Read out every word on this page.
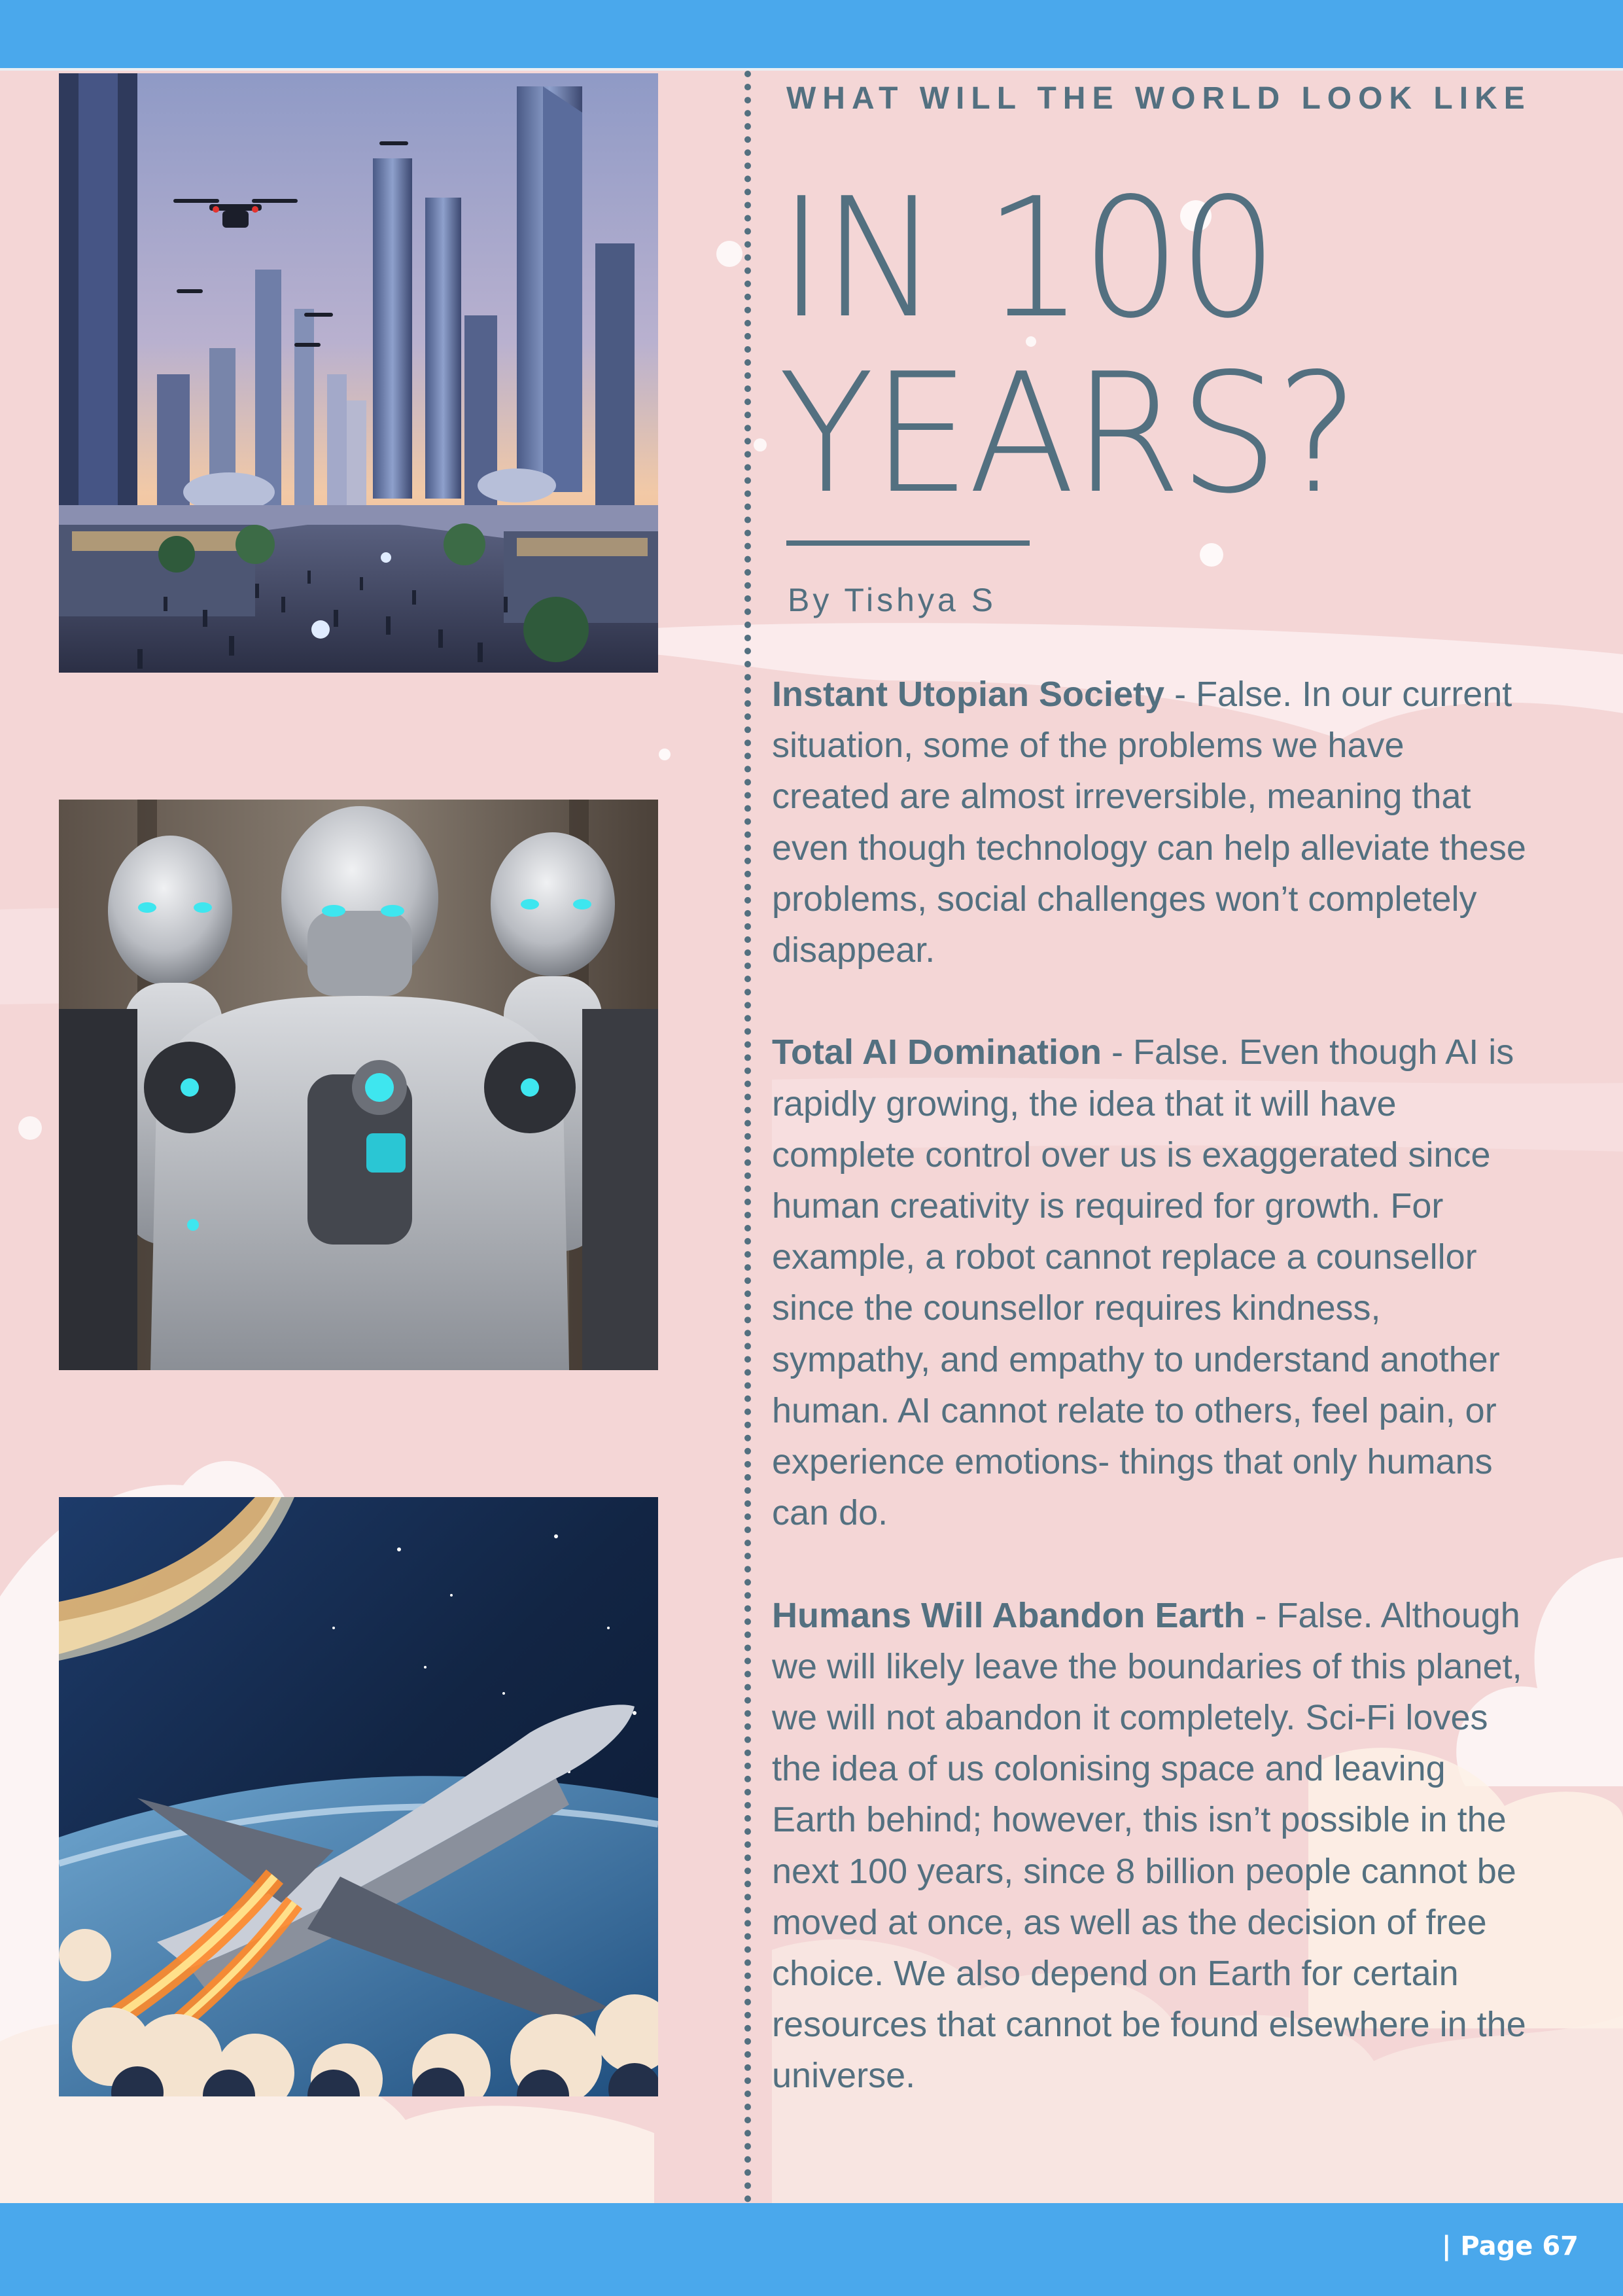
WHAT WILL THE WORLD LOOK LIKE
IN 100
YEARS?
By Tishya S

Instant Utopian Society - False. In our current situation, some of the problems we have created are almost irreversible, meaning that even though technology can help alleviate these problems, social challenges won’t completely disappear.

Total AI Domination - False. Even though AI is rapidly growing, the idea that it will have complete control over us is exaggerated since human creativity is required for growth. For example, a robot cannot replace a counsellor since the counsellor requires kindness, sympathy, and empathy to understand another human. AI cannot relate to others, feel pain, or experience emotions- things that only humans can do.

Humans Will Abandon Earth - False. Although we will likely leave the boundaries of this planet, we will not abandon it completely. Sci-Fi loves the idea of us colonising space and leaving Earth behind; however, this isn’t possible in the next 100 years, since 8 billion people cannot be moved at once, as well as the decision of free choice. We also depend on Earth for certain resources that cannot be found elsewhere in the universe.

| Page 67
